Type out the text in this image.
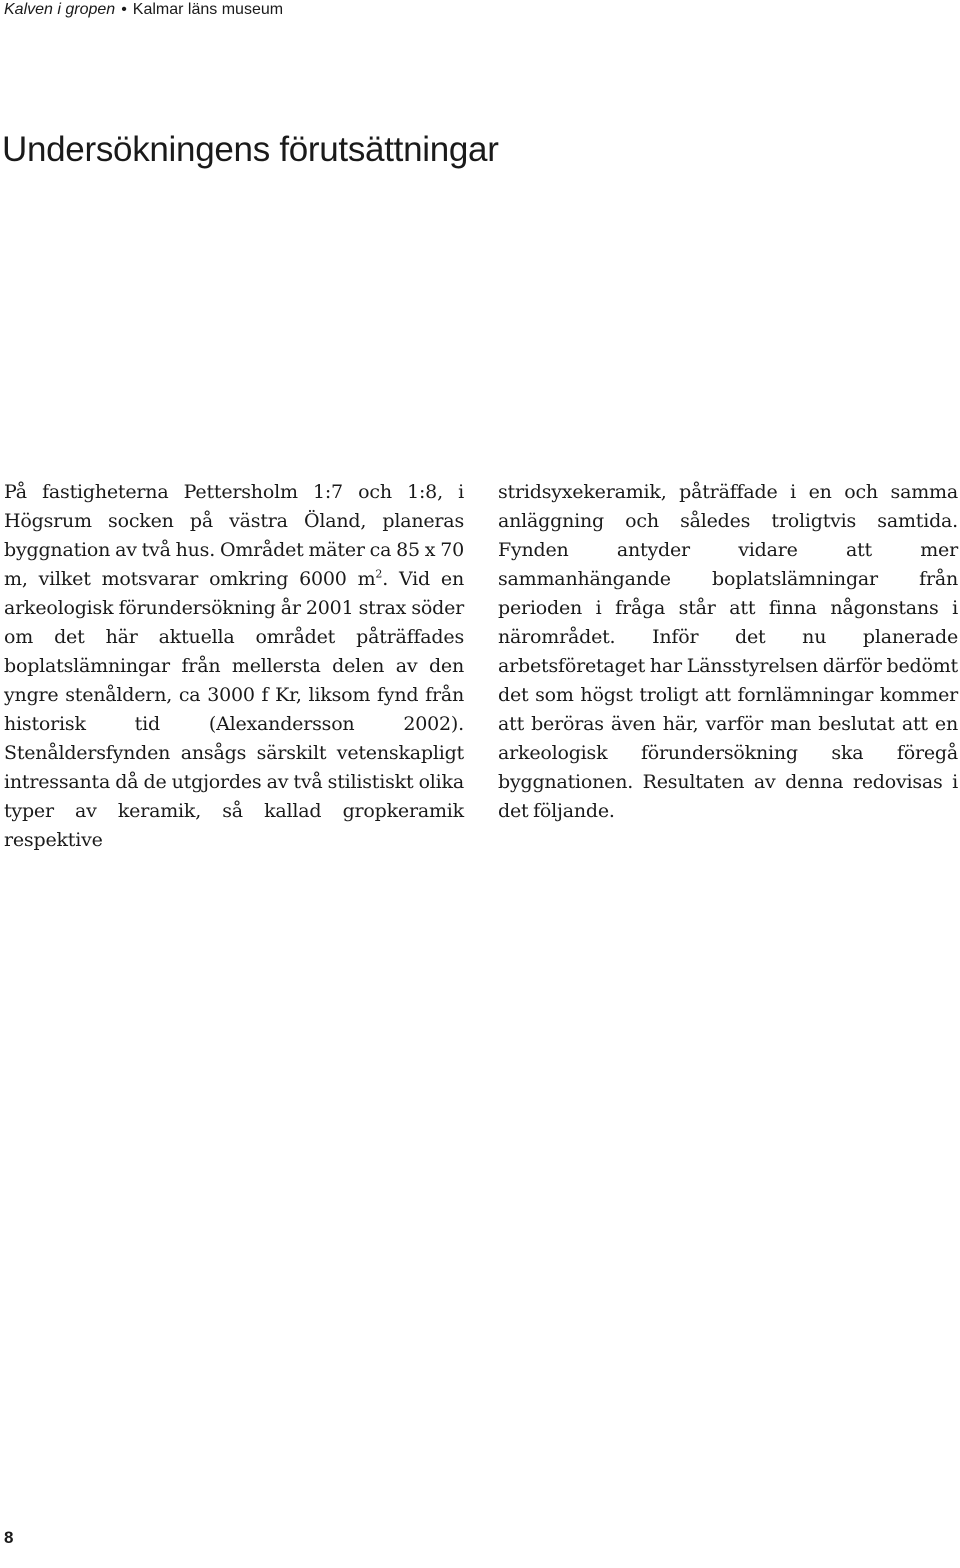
Kalven i gropen • Kalmar läns museum
Undersökningens förutsättningar

På fastigheterna Pettersholm 1:7 och 1:8, i Högsrum socken på västra Öland, planeras byggnation av två hus. Området mäter ca 85 x 70 m, vilket motsvarar omkring 6000 $m^2$. Vid en arkeologisk förundersökning år 2001 strax söder om det här aktuella området påträffades boplatslämningar från mellersta delen av den yngre stenåldern, ca 3000 f Kr, liksom fynd från historisk tid (Alexandersson 2002). Stenåldersfynden ansågs särskilt vetenskapligt intressanta då de utgjordes av två stilistiskt olika typer av keramik, så kallad gropkeramik respektive

stridsyxekeramik, påträffade i en och samma anläggning och således troligtvis samtida. Fynden antyder vidare att mer sammanhängande boplatslämningar från perioden i fråga står att finna någonstans i närområdet. Inför det nu planerade arbetsföretaget har Länsstyrelsen därför bedömt det som högst troligt att fornlämningar kommer att beröras även här, varför man beslutat att en arkeologisk förundersökning ska föregå byggnationen. Resultaten av denna redovisas i det följande.

8
